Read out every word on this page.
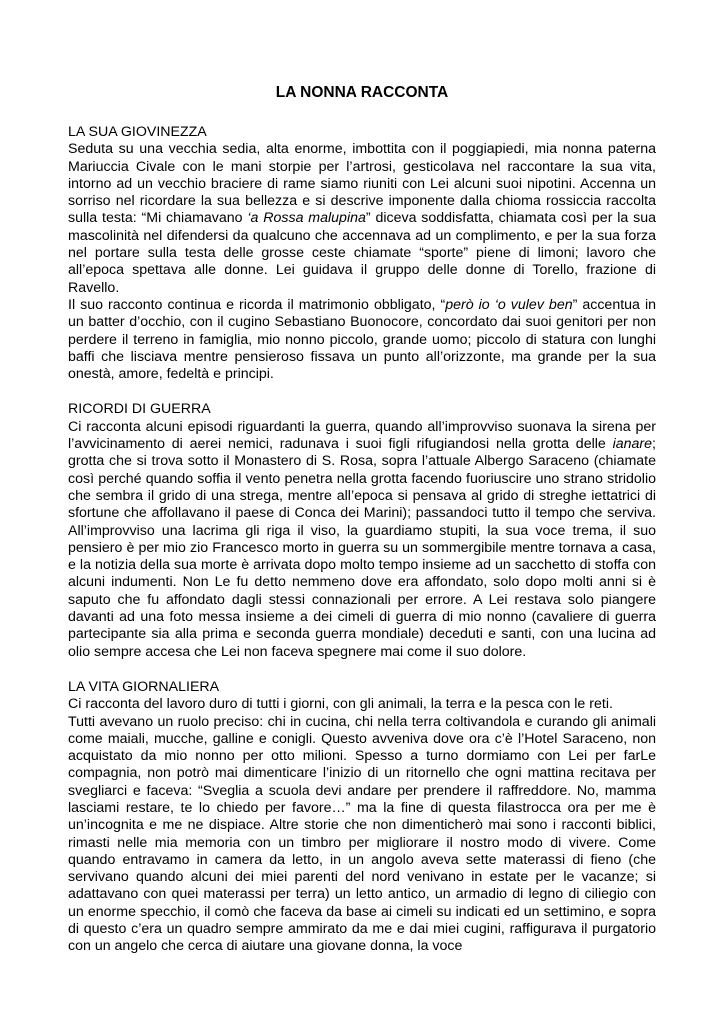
LA NONNA RACCONTA
LA SUA GIOVINEZZA

Seduta su una vecchia sedia, alta enorme, imbottita con il poggiapiedi, mia nonna paterna Mariuccia Civale con le mani storpie per l’artrosi, gesticolava nel raccontare la sua vita, intorno ad un vecchio braciere di rame siamo riuniti con Lei alcuni suoi nipotini. Accenna un sorriso nel ricordare la sua bellezza e si descrive imponente dalla chioma rossiccia raccolta sulla testa: “Mi chiamavano ‘a Rossa malupina” diceva soddisfatta, chiamata così per la sua mascolinità nel difendersi da qualcuno che accennava ad un complimento, e per la sua forza nel portare sulla testa delle grosse ceste chiamate “sporte” piene di limoni; lavoro che all’epoca spettava alle donne. Lei guidava il gruppo delle donne di Torello, frazione di Ravello.

Il suo racconto continua e ricorda il matrimonio obbligato, “però io ‘o vulev ben” accentua in un batter d’occhio, con il cugino Sebastiano Buonocore, concordato dai suoi genitori per non perdere il terreno in famiglia, mio nonno piccolo, grande uomo; piccolo di statura con lunghi baffi che lisciava mentre pensieroso fissava un punto all’orizzonte, ma grande per la sua onestà, amore, fedeltà e principi.

RICORDI DI GUERRA

Ci racconta alcuni episodi riguardanti la guerra, quando all’improvviso suonava la sirena per l’avvicinamento di aerei nemici, radunava i suoi figli rifugiandosi nella grotta delle ianare; grotta che si trova sotto il Monastero di S. Rosa, sopra l’attuale Albergo Saraceno (chiamate così perché quando soffia il vento penetra nella grotta facendo fuoriuscire uno strano stridolio che sembra il grido di una strega, mentre all’epoca si pensava al grido di streghe iettatrici di sfortune che affollavano il paese di Conca dei Marini); passandoci tutto il tempo che serviva. All’improvviso una lacrima gli riga il viso, la guardiamo stupiti, la sua voce trema, il suo pensiero è per mio zio Francesco morto in guerra su un sommergibile mentre tornava a casa, e la notizia della sua morte è arrivata dopo molto tempo insieme ad un sacchetto di stoffa con alcuni indumenti. Non Le fu detto nemmeno dove era affondato, solo dopo molti anni si è saputo che fu affondato dagli stessi connazionali per errore. A Lei restava solo piangere davanti ad una foto messa insieme a dei cimeli di guerra di mio nonno (cavaliere di guerra partecipante sia alla prima e seconda guerra mondiale) deceduti e santi, con una lucina ad olio sempre accesa che Lei non faceva spegnere mai come il suo dolore.

LA VITA GIORNALIERA

Ci racconta del lavoro duro di tutti i giorni, con gli animali, la terra e la pesca con le reti.

Tutti avevano un ruolo preciso: chi in cucina, chi nella terra coltivandola e curando gli animali come maiali, mucche, galline e conigli. Questo avveniva dove ora c’è l’Hotel Saraceno, non acquistato da mio nonno per otto milioni. Spesso a turno dormiamo con Lei per farLe compagnia, non potrò mai dimenticare l’inizio di un ritornello che ogni mattina recitava per svegliarci e faceva: “Sveglia a scuola devi andare per prendere il raffreddore. No, mamma lasciami restare, te lo chiedo per favore…” ma la fine di questa filastrocca ora per me è un’incognita e me ne dispiace. Altre storie che non dimenticherò mai sono i racconti biblici, rimasti nelle mia memoria con un timbro per migliorare il nostro modo di vivere. Come quando entravamo in camera da letto, in un angolo aveva sette materassi di fieno (che servivano quando alcuni dei miei parenti del nord venivano in estate per le vacanze; si adattavano con quei materassi per terra) un letto antico, un armadio di legno di ciliegio con un enorme specchio, il comò che faceva da base ai cimeli su indicati ed un settimino, e sopra di questo c’era un quadro sempre ammirato da me e dai miei cugini, raffigurava il purgatorio con un angelo che cerca di aiutare una giovane donna, la voce
